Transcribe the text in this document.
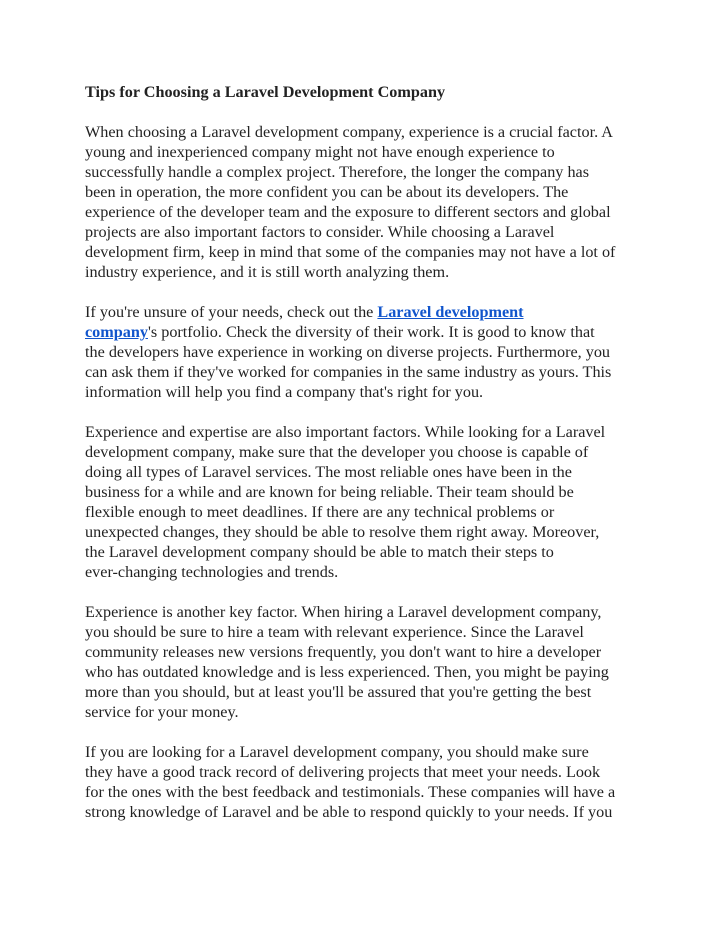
Tips for Choosing a Laravel Development Company
When choosing a Laravel development company, experience is a crucial factor. A
young and inexperienced company might not have enough experience to
successfully handle a complex project. Therefore, the longer the company has
been in operation, the more confident you can be about its developers. The
experience of the developer team and the exposure to different sectors and global
projects are also important factors to consider. While choosing a Laravel
development firm, keep in mind that some of the companies may not have a lot of
industry experience, and it is still worth analyzing them.
If you're unsure of your needs, check out the Laravel development
company's portfolio. Check the diversity of their work. It is good to know that
the developers have experience in working on diverse projects. Furthermore, you
can ask them if they've worked for companies in the same industry as yours. This
information will help you find a company that's right for you.
Experience and expertise are also important factors. While looking for a Laravel
development company, make sure that the developer you choose is capable of
doing all types of Laravel services. The most reliable ones have been in the
business for a while and are known for being reliable. Their team should be
flexible enough to meet deadlines. If there are any technical problems or
unexpected changes, they should be able to resolve them right away. Moreover,
the Laravel development company should be able to match their steps to
ever-changing technologies and trends.
Experience is another key factor. When hiring a Laravel development company,
you should be sure to hire a team with relevant experience. Since the Laravel
community releases new versions frequently, you don't want to hire a developer
who has outdated knowledge and is less experienced. Then, you might be paying
more than you should, but at least you'll be assured that you're getting the best
service for your money.
If you are looking for a Laravel development company, you should make sure
they have a good track record of delivering projects that meet your needs. Look
for the ones with the best feedback and testimonials. These companies will have a
strong knowledge of Laravel and be able to respond quickly to your needs. If you
